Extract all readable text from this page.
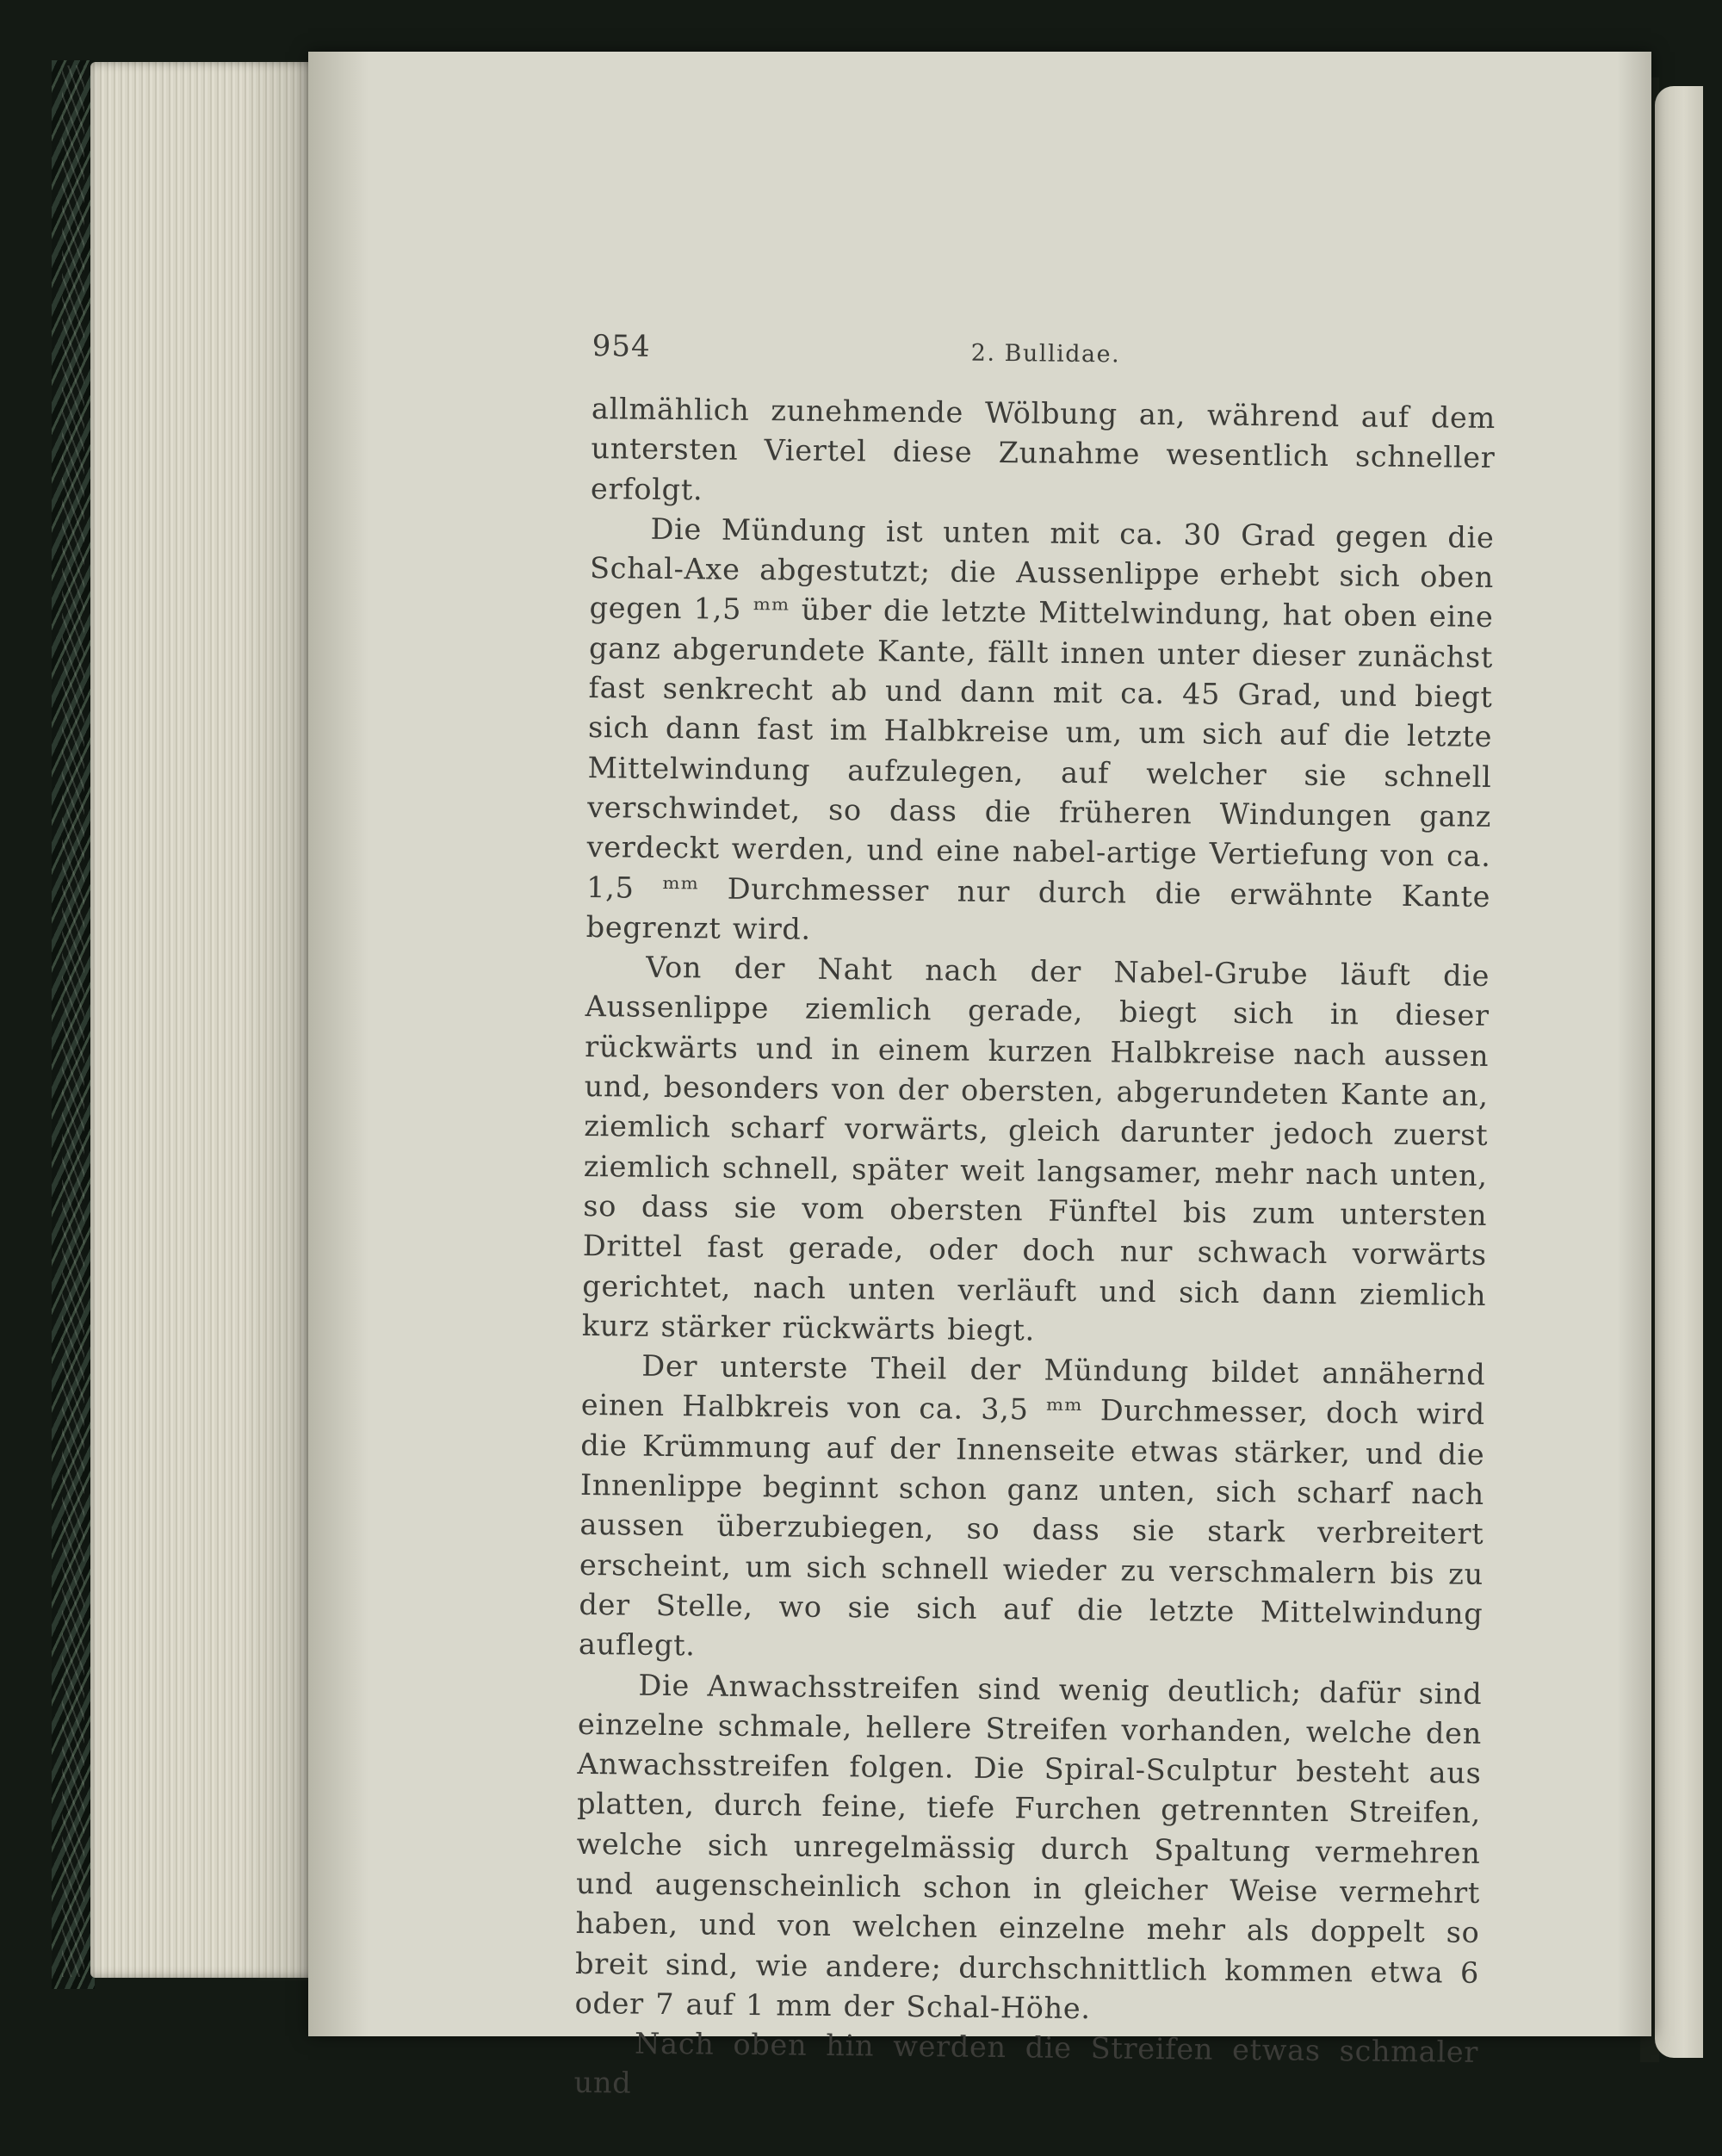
954	2. Bullidae.

allmählich zunehmende Wölbung an, während auf dem untersten Viertel diese Zunahme wesentlich schneller erfolgt.

Die Mündung ist unten mit ca. 30 Grad gegen die Schal-Axe abgestutzt; die Aussenlippe erhebt sich oben gegen 1,5 ᵐᵐ über die letzte Mittelwindung, hat oben eine ganz abgerundete Kante, fällt innen unter dieser zunächst fast senkrecht ab und dann mit ca. 45 Grad, und biegt sich dann fast im Halbkreise um, um sich auf die letzte Mittelwindung aufzulegen, auf welcher sie schnell verschwindet, so dass die früheren Windungen ganz verdeckt werden, und eine nabel-artige Vertiefung von ca. 1,5 ᵐᵐ Durchmesser nur durch die erwähnte Kante begrenzt wird.

Von der Naht nach der Nabel-Grube läuft die Aussenlippe ziemlich gerade, biegt sich in dieser rückwärts und in einem kurzen Halbkreise nach aussen und, besonders von der obersten, abgerundeten Kante an, ziemlich scharf vorwärts, gleich darunter jedoch zuerst ziemlich schnell, später weit langsamer, mehr nach unten, so dass sie vom obersten Fünftel bis zum untersten Drittel fast gerade, oder doch nur schwach vorwärts gerichtet, nach unten verläuft und sich dann ziemlich kurz stärker rückwärts biegt.

Der unterste Theil der Mündung bildet annähernd einen Halbkreis von ca. 3,5 ᵐᵐ Durchmesser, doch wird die Krümmung auf der Innenseite etwas stärker, und die Innenlippe beginnt schon ganz unten, sich scharf nach aussen überzubiegen, so dass sie stark verbreitert erscheint, um sich schnell wieder zu verschmalern bis zu der Stelle, wo sie sich auf die letzte Mittelwindung auflegt.

Die Anwachsstreifen sind wenig deutlich; dafür sind einzelne schmale, hellere Streifen vorhanden, welche den Anwachsstreifen folgen. Die Spiral-Sculptur besteht aus platten, durch feine, tiefe Furchen getrennten Streifen, welche sich unregelmässig durch Spaltung vermehren und augenscheinlich schon in gleicher Weise vermehrt haben, und von welchen einzelne mehr als doppelt so breit sind, wie andere; durchschnittlich kommen etwa 6 oder 7 auf 1 mm der Schal-Höhe.

Nach oben hin werden die Streifen etwas schmaler und
